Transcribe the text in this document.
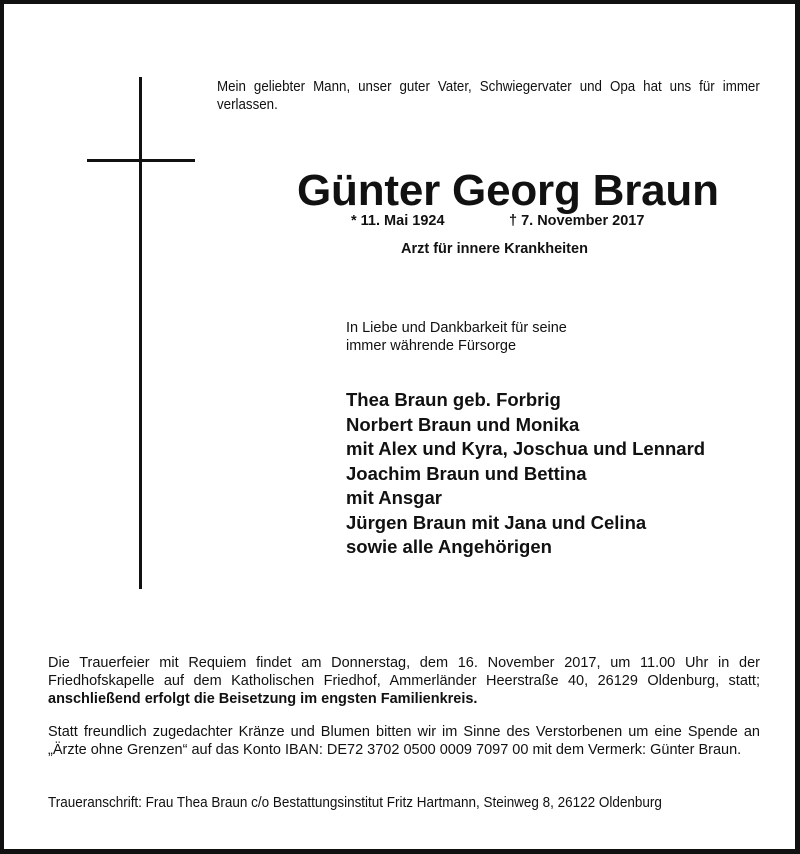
Mein geliebter Mann, unser guter Vater, Schwiegervater und Opa hat uns für immer verlassen.
Günter Georg Braun
* 11. Mai 1924	† 7. November 2017
Arzt für innere Krankheiten
In Liebe und Dankbarkeit für seine
immer währende Fürsorge
Thea Braun geb. Forbrig
Norbert Braun und Monika
mit Alex und Kyra, Joschua und Lennard
Joachim Braun und Bettina
mit Ansgar
Jürgen Braun mit Jana und Celina
sowie alle Angehörigen
Die Trauerfeier mit Requiem findet am Donnerstag, dem 16. November 2017, um 11.00 Uhr in der Friedhofskapelle auf dem Katholischen Friedhof, Ammerländer Heerstraße 40, 26129 Oldenburg, statt; anschließend erfolgt die Beisetzung im engsten Familienkreis.
Statt freundlich zugedachter Kränze und Blumen bitten wir im Sinne des Verstorbenen um eine Spende an „Ärzte ohne Grenzen“ auf das Konto IBAN: DE72 3702 0500 0009 7097 00 mit dem Vermerk: Günter Braun.
Traueranschrift: Frau Thea Braun c/o Bestattungsinstitut Fritz Hartmann, Steinweg 8, 26122 Oldenburg
